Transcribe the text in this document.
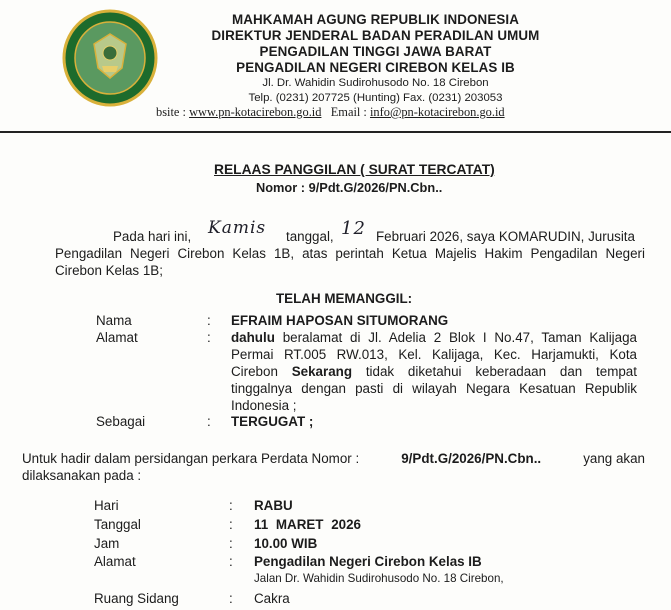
MAHKAMAH AGUNG REPUBLIK INDONESIA
DIREKTUR JENDERAL BADAN PERADILAN UMUM
PENGADILAN TINGGI JAWA BARAT
PENGADILAN NEGERI CIREBON KELAS IB
Jl. Dr. Wahidin Sudirohusodo No. 18 Cirebon
Telp. (0231) 207725 (Hunting) Fax. (0231) 203053
bsite : www.pn-kotacirebon.go.id Email : info@pn-kotacirebon.go.id
RELAAS PANGGILAN ( SURAT TERCATAT)
Nomor : 9/Pdt.G/2026/PN.Cbn..
Pada hari ini, Kamis tanggal, 12 Februari 2026, saya KOMARUDIN, Jurusita
Pengadilan Negeri Cirebon Kelas 1B, atas perintah Ketua Majelis Hakim Pengadilan Negeri
Cirebon Kelas 1B;
TELAH MEMANGGIL:
Nama	: EFRAIM HAPOSAN SITUMORANG
Alamat	: dahulu beralamat di Jl. Adelia 2 Blok I No.47, Taman Kalijaga
Permai RT.005 RW.013, Kel. Kalijaga, Kec. Harjamukti, Kota
Cirebon Sekarang tidak diketahui keberadaan dan tempat
tinggalnya dengan pasti di wilayah Negara Kesatuan Republik
Indonesia ;
Sebagai	: TERGUGAT ;
Untuk hadir dalam persidangan perkara Perdata Nomor :	9/Pdt.G/2026/PN.Cbn..	yang akan
dilaksanakan pada :
Hari	: RABU
Tanggal	: 11 MARET 2026
Jam	: 10.00 WIB
Alamat	: Pengadilan Negeri Cirebon Kelas IB
Jalan Dr. Wahidin Sudirohusodo No. 18 Cirebon,
Ruang Sidang	: Cakra
